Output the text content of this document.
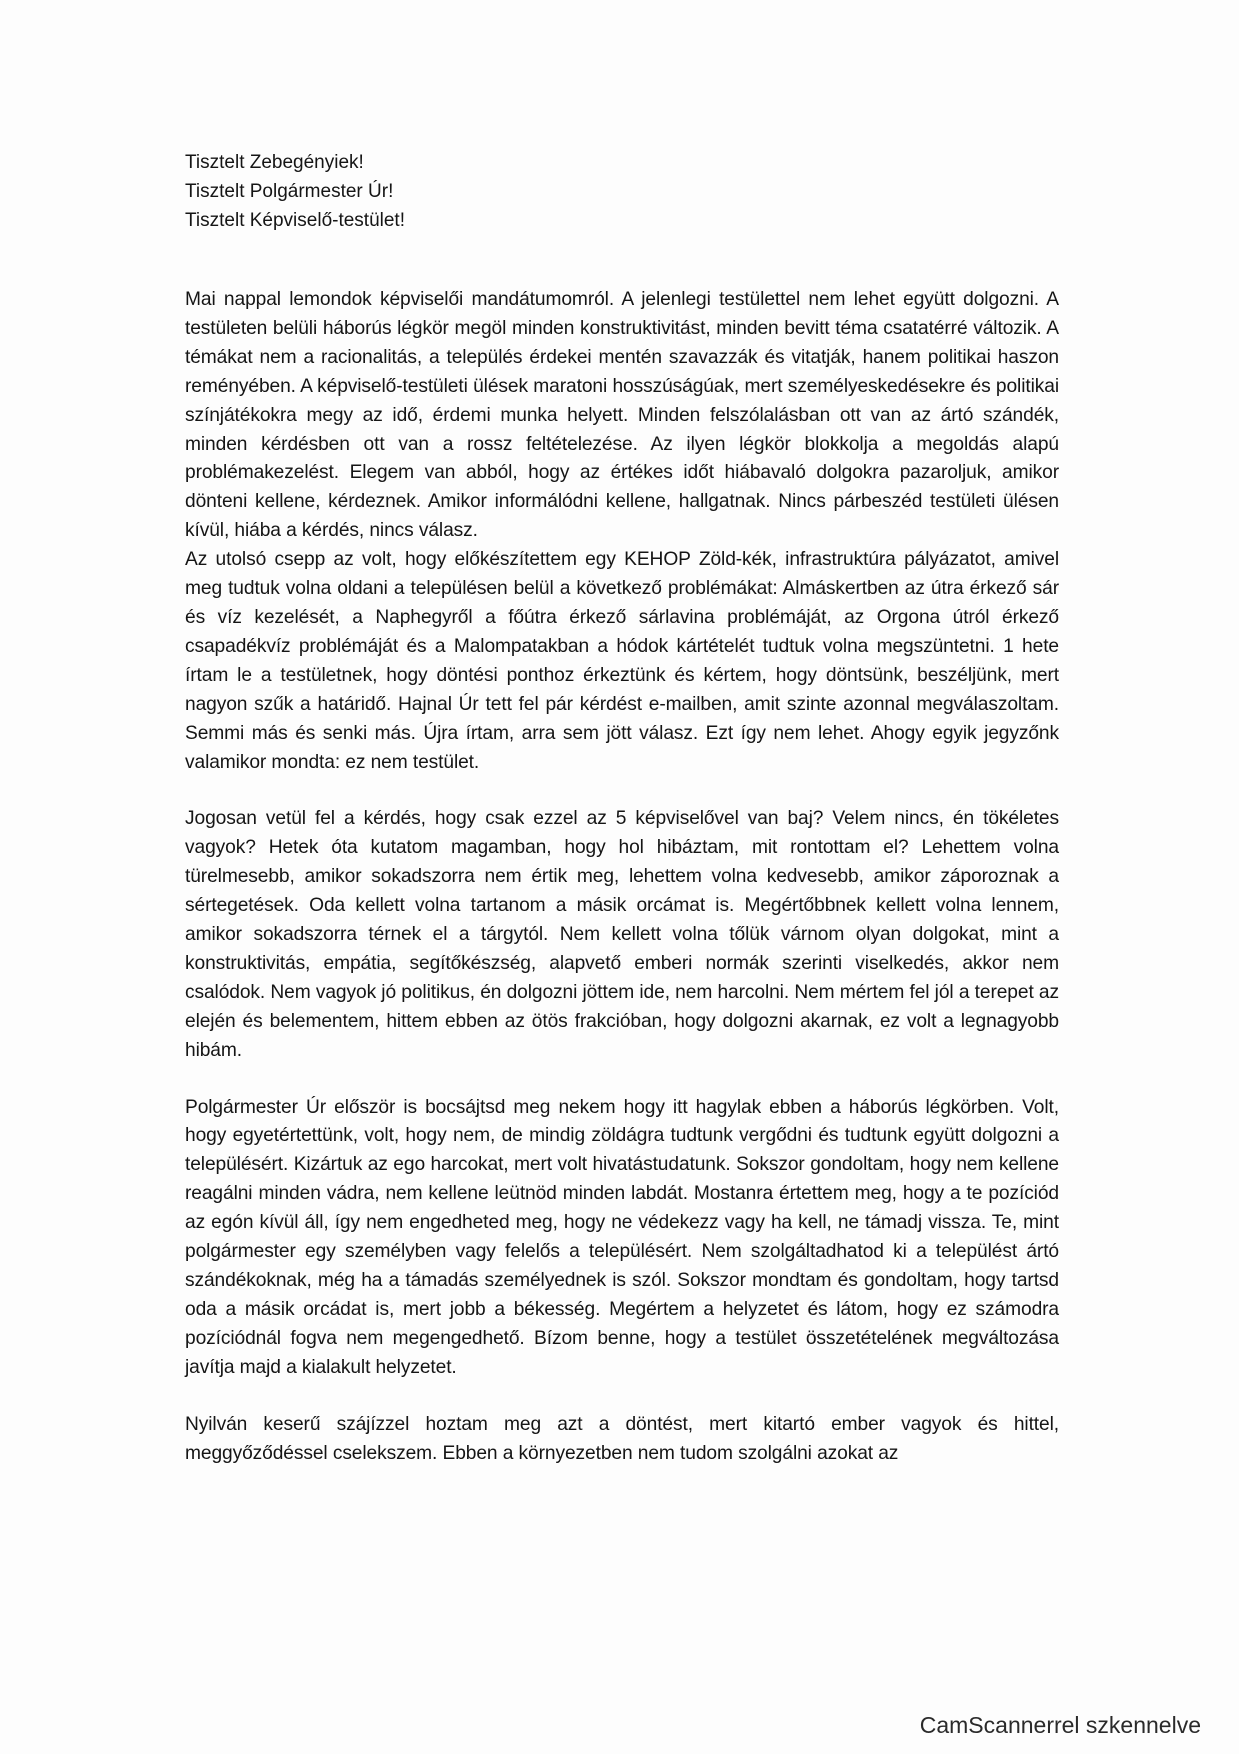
Tisztelt Zebegényiek!
Tisztelt Polgármester Úr!
Tisztelt Képviselő-testület!

Mai nappal lemondok képviselői mandátumomról. A jelenlegi testülettel nem lehet együtt dolgozni. A testületen belüli háborús légkör megöl minden konstruktivitást, minden bevitt téma csatatérré változik. A témákat nem a racionalitás, a település érdekei mentén szavazzák és vitatják, hanem politikai haszon reményében. A képviselő-testületi ülések maratoni hosszúságúak, mert személyeskedésekre és politikai színjátékokra megy az idő, érdemi munka helyett. Minden felszólalásban ott van az ártó szándék, minden kérdésben ott van a rossz feltételezése. Az ilyen légkör blokkolja a megoldás alapú problémakezelést. Elegem van abból, hogy az értékes időt hiábavaló dolgokra pazaroljuk, amikor dönteni kellene, kérdeznek. Amikor informálódni kellene, hallgatnak. Nincs párbeszéd testületi ülésen kívül, hiába a kérdés, nincs válasz.

Az utolsó csepp az volt, hogy előkészítettem egy KEHOP Zöld-kék, infrastruktúra pályázatot, amivel meg tudtuk volna oldani a településen belül a következő problémákat: Almáskertben az útra érkező sár és víz kezelését, a Naphegyről a főútra érkező sárlavina problémáját, az Orgona útról érkező csapadékvíz problémáját és a Malompatakban a hódok kártételét tudtuk volna megszüntetni. 1 hete írtam le a testületnek, hogy döntési ponthoz érkeztünk és kértem, hogy döntsünk, beszéljünk, mert nagyon szűk a határidő. Hajnal Úr tett fel pár kérdést e-mailben, amit szinte azonnal megválaszoltam. Semmi más és senki más. Újra írtam, arra sem jött válasz. Ezt így nem lehet. Ahogy egyik jegyzőnk valamikor mondta: ez nem testület.

Jogosan vetül fel a kérdés, hogy csak ezzel az 5 képviselővel van baj? Velem nincs, én tökéletes vagyok? Hetek óta kutatom magamban, hogy hol hibáztam, mit rontottam el? Lehettem volna türelmesebb, amikor sokadszorra nem értik meg, lehettem volna kedvesebb, amikor záporoznak a sértegetések. Oda kellett volna tartanom a másik orcámat is. Megértőbbnek kellett volna lennem, amikor sokadszorra térnek el a tárgytól. Nem kellett volna tőlük várnom olyan dolgokat, mint a konstruktivitás, empátia, segítőkészség, alapvető emberi normák szerinti viselkedés, akkor nem csalódok. Nem vagyok jó politikus, én dolgozni jöttem ide, nem harcolni. Nem mértem fel jól a terepet az elején és belementem, hittem ebben az ötös frakcióban, hogy dolgozni akarnak, ez volt a legnagyobb hibám.

Polgármester Úr először is bocsájtsd meg nekem hogy itt hagylak ebben a háborús légkörben. Volt, hogy egyetértettünk, volt, hogy nem, de mindig zöldágra tudtunk vergődni és tudtunk együtt dolgozni a településért. Kizártuk az ego harcokat, mert volt hivatástudatunk. Sokszor gondoltam, hogy nem kellene reagálni minden vádra, nem kellene leütnöd minden labdát. Mostanra értettem meg, hogy a te pozíciód az egón kívül áll, így nem engedheted meg, hogy ne védekezz vagy ha kell, ne támadj vissza. Te, mint polgármester egy személyben vagy felelős a településért. Nem szolgáltadhatod ki a települést ártó szándékoknak, még ha a támadás személyednek is szól. Sokszor mondtam és gondoltam, hogy tartsd oda a másik orcádat is, mert jobb a békesség. Megértem a helyzetet és látom, hogy ez számodra pozíciódnál fogva nem megengedhető. Bízom benne, hogy a testület összetételének megváltozása javítja majd a kialakult helyzetet.

Nyilván keserű szájízzel hoztam meg azt a döntést, mert kitartó ember vagyok és hittel, meggyőződéssel cselekszem. Ebben a környezetben nem tudom szolgálni azokat az

CamScannerrel szkennelve
